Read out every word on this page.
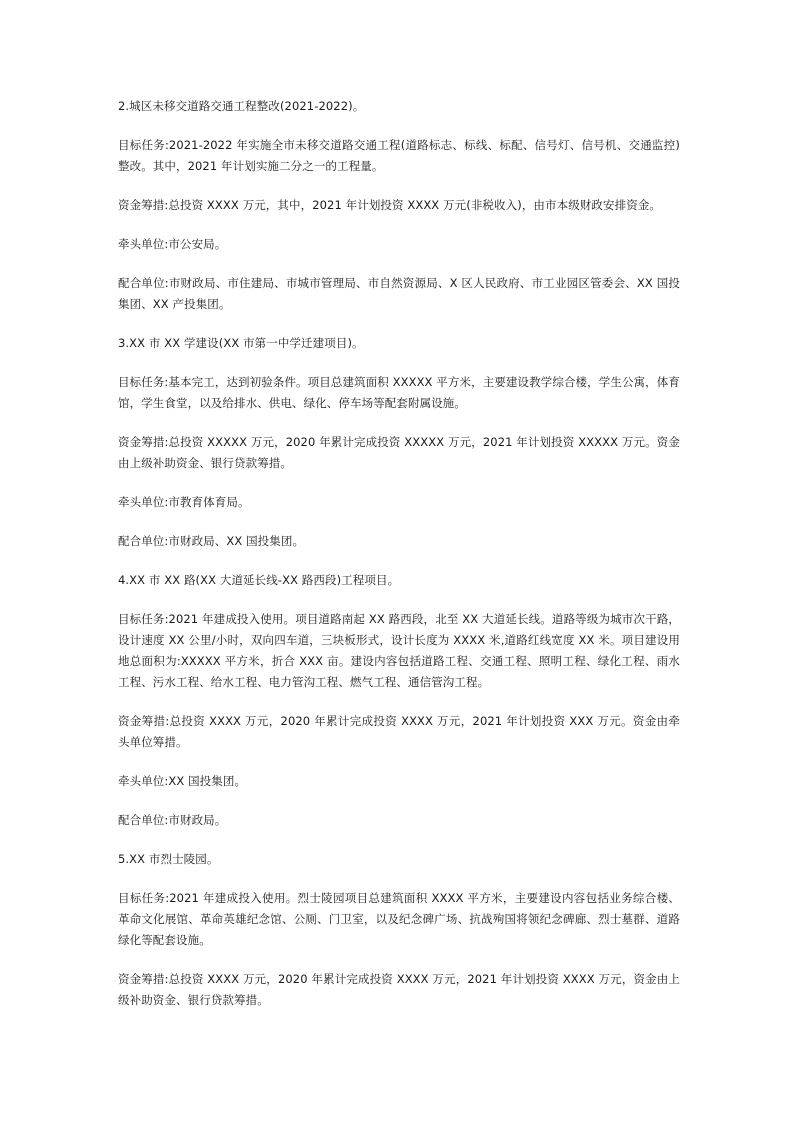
2.城区未移交道路交通工程整改(2021-2022)。

目标任务:2021-2022 年实施全市未移交道路交通工程(道路标志、标线、标配、信号灯、信号机、交通监控)整改。其中，2021 年计划实施二分之一的工程量。

资金筹措:总投资 XXXX 万元，其中，2021 年计划投资 XXXX 万元(非税收入)，由市本级财政安排资金。

牵头单位:市公安局。

配合单位:市财政局、市住建局、市城市管理局、市自然资源局、X 区人民政府、市工业园区管委会、XX 国投集团、XX 产投集团。

3.XX 市 XX 学建设(XX 市第一中学迁建项目)。

目标任务:基本完工，达到初验条件。项目总建筑面积 XXXXX 平方米，主要建设教学综合楼，学生公寓，体育馆，学生食堂，以及给排水、供电、绿化、停车场等配套附属设施。

资金筹措:总投资 XXXXX 万元，2020 年累计完成投资 XXXXX 万元，2021 年计划投资 XXXXX 万元。资金由上级补助资金、银行贷款筹措。

牵头单位:市教育体育局。

配合单位:市财政局、XX 国投集团。

4.XX 市 XX 路(XX 大道延长线-XX 路西段)工程项目。

目标任务:2021 年建成投入使用。项目道路南起 XX 路西段，北至 XX 大道延长线。道路等级为城市次干路，设计速度 XX 公里/小时，双向四车道，三块板形式，设计长度为 XXXX 米,道路红线宽度 XX 米。项目建设用地总面积为:XXXXX 平方米，折合 XXX 亩。建设内容包括道路工程、交通工程、照明工程、绿化工程、雨水工程、污水工程、给水工程、电力管沟工程、燃气工程、通信管沟工程。

资金筹措:总投资 XXXX 万元，2020 年累计完成投资 XXXX 万元，2021 年计划投资 XXX 万元。资金由牵头单位筹措。

牵头单位:XX 国投集团。

配合单位:市财政局。

5.XX 市烈士陵园。

目标任务:2021 年建成投入使用。烈士陵园项目总建筑面积 XXXX 平方米，主要建设内容包括业务综合楼、革命文化展馆、革命英雄纪念馆、公厕、门卫室，以及纪念碑广场、抗战殉国将领纪念碑廊、烈士墓群、道路绿化等配套设施。

资金筹措:总投资 XXXX 万元，2020 年累计完成投资 XXXX 万元，2021 年计划投资 XXXX 万元，资金由上级补助资金、银行贷款筹措。
